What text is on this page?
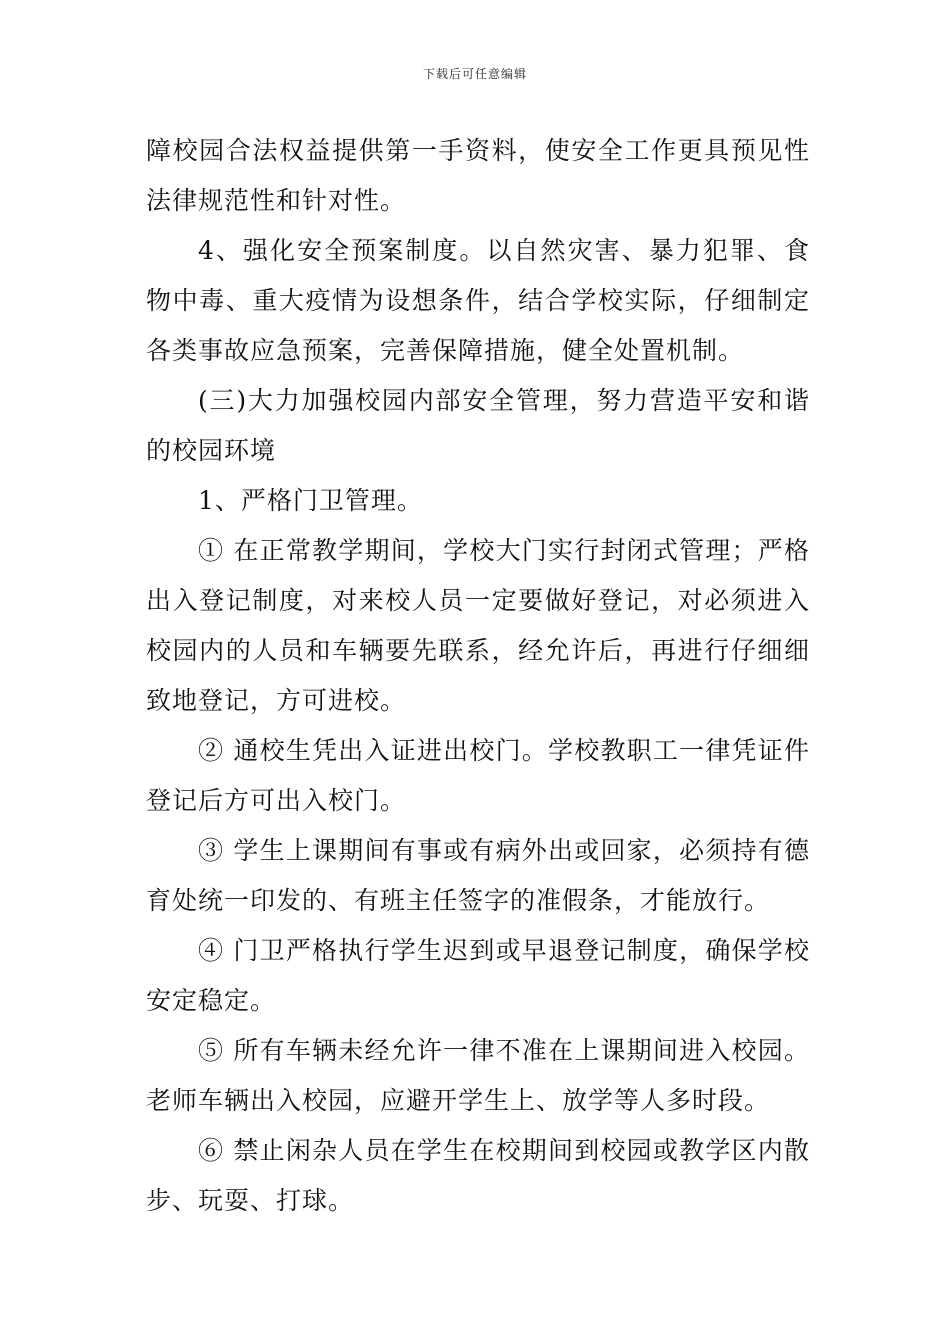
下载后可任意编辑

障校园合法权益提供第一手资料，使安全工作更具预见性法律规范性和针对性。

4、强化安全预案制度。以自然灾害、暴力犯罪、食物中毒、重大疫情为设想条件，结合学校实际，仔细制定各类事故应急预案，完善保障措施，健全处置机制。

(三)大力加强校园内部安全管理，努力营造平安和谐的校园环境

1、严格门卫管理。

① 在正常教学期间，学校大门实行封闭式管理；严格出入登记制度，对来校人员一定要做好登记，对必须进入校园内的人员和车辆要先联系，经允许后，再进行仔细细致地登记，方可进校。

② 通校生凭出入证进出校门。学校教职工一律凭证件登记后方可出入校门。

③ 学生上课期间有事或有病外出或回家，必须持有德育处统一印发的、有班主任签字的准假条，才能放行。

④ 门卫严格执行学生迟到或早退登记制度，确保学校安定稳定。

⑤ 所有车辆未经允许一律不准在上课期间进入校园。老师车辆出入校园，应避开学生上、放学等人多时段。

⑥ 禁止闲杂人员在学生在校期间到校园或教学区内散步、玩耍、打球。
